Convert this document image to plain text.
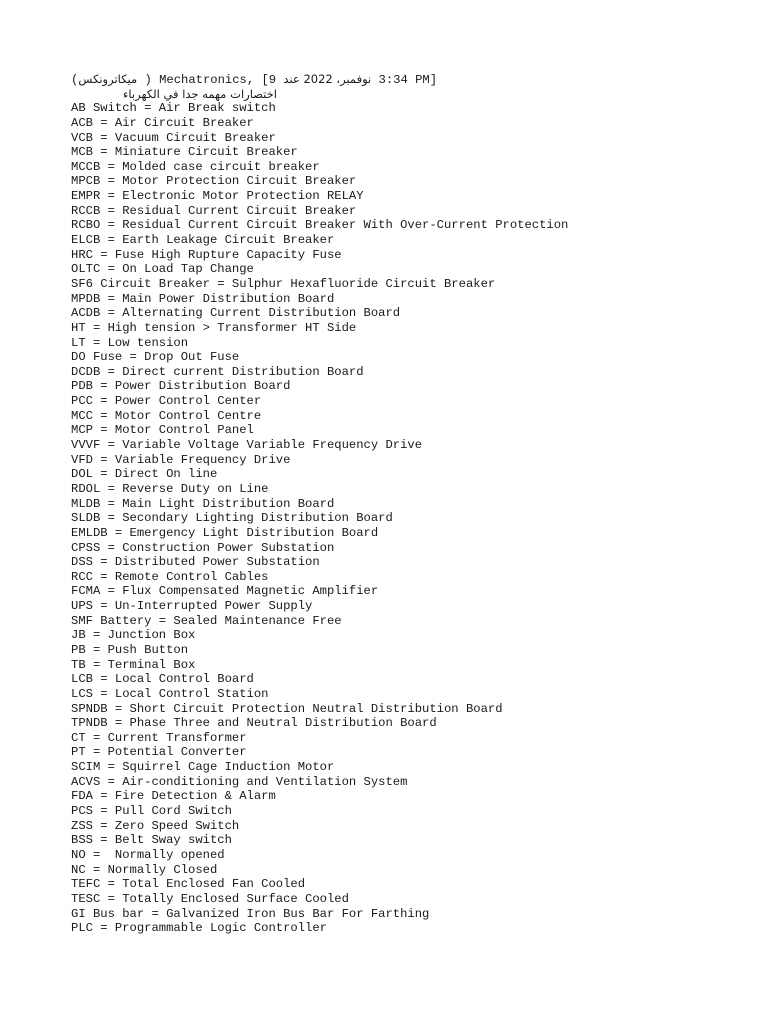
(ميكاترونكس ) Mechatronics, [9 نوفمبر، 2022 عند 3:34 PM]
اختصارات مهمه جدا في الكهرباء
AB Switch = Air Break switch
ACB = Air Circuit Breaker
VCB = Vacuum Circuit Breaker
MCB = Miniature Circuit Breaker
MCCB = Molded case circuit breaker
MPCB = Motor Protection Circuit Breaker
EMPR = Electronic Motor Protection RELAY
RCCB = Residual Current Circuit Breaker
RCBO = Residual Current Circuit Breaker With Over-Current Protection
ELCB = Earth Leakage Circuit Breaker
HRC = Fuse High Rupture Capacity Fuse
OLTC = On Load Tap Change
SF6 Circuit Breaker = Sulphur Hexafluoride Circuit Breaker
MPDB = Main Power Distribution Board
ACDB = Alternating Current Distribution Board
HT = High tension > Transformer HT Side
LT = Low tension
DO Fuse = Drop Out Fuse
DCDB = Direct current Distribution Board
PDB = Power Distribution Board
PCC = Power Control Center
MCC = Motor Control Centre
MCP = Motor Control Panel
VVVF = Variable Voltage Variable Frequency Drive
VFD = Variable Frequency Drive
DOL = Direct On line
RDOL = Reverse Duty on Line
MLDB = Main Light Distribution Board
SLDB = Secondary Lighting Distribution Board
EMLDB = Emergency Light Distribution Board
CPSS = Construction Power Substation
DSS = Distributed Power Substation
RCC = Remote Control Cables
FCMA = Flux Compensated Magnetic Amplifier
UPS = Un-Interrupted Power Supply
SMF Battery = Sealed Maintenance Free
JB = Junction Box
PB = Push Button
TB = Terminal Box
LCB = Local Control Board
LCS = Local Control Station
SPNDB = Short Circuit Protection Neutral Distribution Board
TPNDB = Phase Three and Neutral Distribution Board
CT = Current Transformer
PT = Potential Converter
SCIM = Squirrel Cage Induction Motor
ACVS = Air-conditioning and Ventilation System
FDA = Fire Detection & Alarm
PCS = Pull Cord Switch
ZSS = Zero Speed Switch
BSS = Belt Sway switch
NO =  Normally opened
NC = Normally Closed
TEFC = Total Enclosed Fan Cooled
TESC = Totally Enclosed Surface Cooled
GI Bus bar = Galvanized Iron Bus Bar For Farthing
PLC = Programmable Logic Controller
